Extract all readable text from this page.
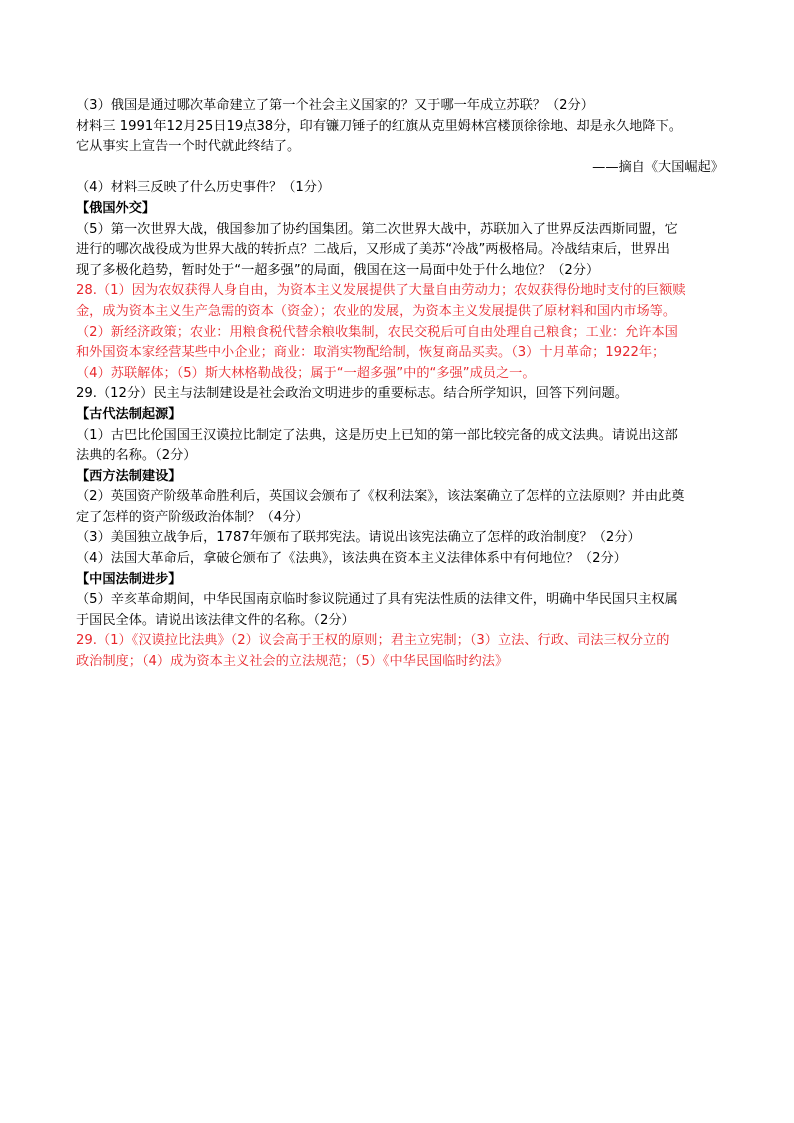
（3）俄国是通过哪次革命建立了第一个社会主义国家的？又于哪一年成立苏联？（2分）
材料三 1991年12月25日19点38分，印有镰刀锤子的红旗从克里姆林宫楼顶徐徐地、却是永久地降下。
它从事实上宣告一个时代就此终结了。
——摘自《大国崛起》
（4）材料三反映了什么历史事件？（1分）
【俄国外交】
（5）第一次世界大战，俄国参加了协约国集团。第二次世界大战中，苏联加入了世界反法西斯同盟，它
进行的哪次战役成为世界大战的转折点？二战后，又形成了美苏“冷战”两极格局。冷战结束后，世界出
现了多极化趋势，暂时处于“一超多强”的局面，俄国在这一局面中处于什么地位？（2分）
28.（1）因为农奴获得人身自由，为资本主义发展提供了大量自由劳动力；农奴获得份地时支付的巨额赎
金，成为资本主义生产急需的资本（资金）；农业的发展，为资本主义发展提供了原材料和国内市场等。
（2）新经济政策；农业：用粮食税代替余粮收集制，农民交税后可自由处理自己粮食；工业：允许本国
和外国资本家经营某些中小企业；商业：取消实物配给制，恢复商品买卖。（3）十月革命；1922年；
（4）苏联解体；（5）斯大林格勒战役；属于“一超多强”中的“多强”成员之一。
29.（12分）民主与法制建设是社会政治文明进步的重要标志。结合所学知识，回答下列问题。
【古代法制起源】
（1）古巴比伦国国王汉谟拉比制定了法典，这是历史上已知的第一部比较完备的成文法典。请说出这部
法典的名称。（2分）
【西方法制建设】
（2）英国资产阶级革命胜利后，英国议会颁布了《权利法案》，该法案确立了怎样的立法原则？并由此奠
定了怎样的资产阶级政治体制？（4分）
（3）美国独立战争后，1787年颁布了联邦宪法。请说出该宪法确立了怎样的政治制度？（2分）
（4）法国大革命后，拿破仑颁布了《法典》，该法典在资本主义法律体系中有何地位？（2分）
【中国法制进步】
（5）辛亥革命期间，中华民国南京临时参议院通过了具有宪法性质的法律文件，明确中华民国只主权属
于国民全体。请说出该法律文件的名称。（2分）
29.（1）《汉谟拉比法典》（2）议会高于王权的原则；君主立宪制；（3）立法、行政、司法三权分立的
政治制度；（4）成为资本主义社会的立法规范；（5）《中华民国临时约法》
